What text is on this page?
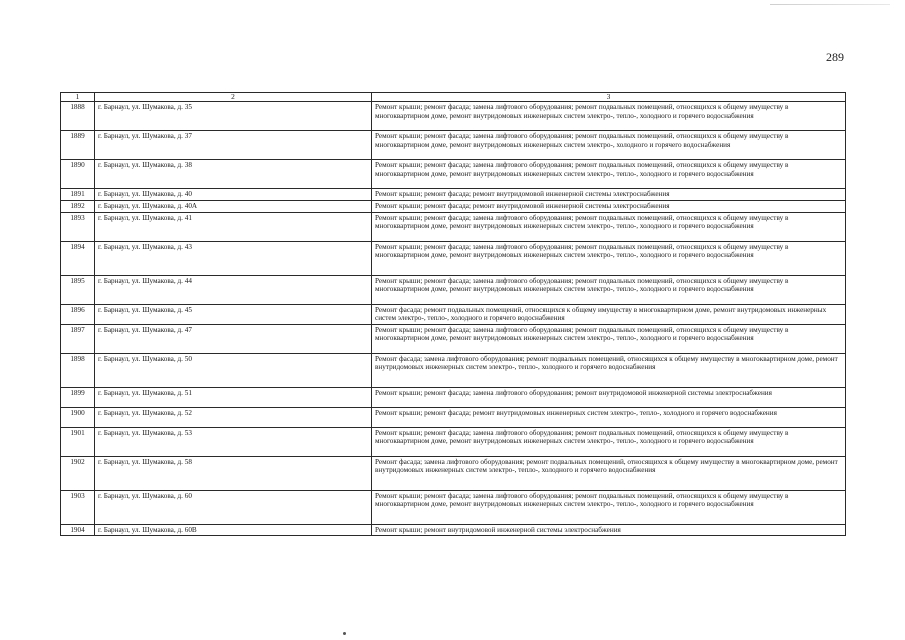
289
1	2	3
1888	г. Барнаул, ул. Шумакова, д. 35	Ремонт крыши; ремонт фасада; замена лифтового оборудования; ремонт подвальных помещений, относящихся к общему имуществу в многоквартирном доме, ремонт внутридомовых инженерных систем электро-, тепло-, холодного и горячего водоснабжения
1889	г. Барнаул, ул. Шумакова, д. 37	Ремонт крыши; ремонт фасада; замена лифтового оборудования; ремонт подвальных помещений, относящихся к общему имуществу в многоквартирном доме, ремонт внутридомовых инженерных систем электро-, холодного и горячего водоснабжения
1890	г. Барнаул, ул. Шумакова, д. 38	Ремонт крыши; ремонт фасада; замена лифтового оборудования; ремонт подвальных помещений, относящихся к общему имуществу в многоквартирном доме, ремонт внутридомовых инженерных систем электро-, тепло-, холодного и горячего водоснабжения
1891	г. Барнаул, ул. Шумакова, д. 40	Ремонт крыши; ремонт фасада; ремонт внутридомовой инженерной системы электроснабжения
1892	г. Барнаул, ул. Шумакова, д. 40А	Ремонт крыши; ремонт фасада; ремонт внутридомовой инженерной системы электроснабжения
1893	г. Барнаул, ул. Шумакова, д. 41	Ремонт крыши; ремонт фасада; замена лифтового оборудования; ремонт подвальных помещений, относящихся к общему имуществу в многоквартирном доме, ремонт внутридомовых инженерных систем электро-, тепло-, холодного и горячего водоснабжения
1894	г. Барнаул, ул. Шумакова, д. 43	Ремонт крыши; ремонт фасада; замена лифтового оборудования; ремонт подвальных помещений, относящихся к общему имуществу в многоквартирном доме, ремонт внутридомовых инженерных систем электро-, тепло-, холодного и горячего водоснабжения
1895	г. Барнаул, ул. Шумакова, д. 44	Ремонт крыши; ремонт фасада; замена лифтового оборудования; ремонт подвальных помещений, относящихся к общему имуществу в многоквартирном доме, ремонт внутридомовых инженерных систем электро-, тепло-, холодного и горячего водоснабжения
1896	г. Барнаул, ул. Шумакова, д. 45	Ремонт фасада; ремонт подвальных помещений, относящихся к общему имуществу в многоквартирном доме, ремонт внутридомовых инженерных систем электро-, тепло-, холодного и горячего водоснабжения
1897	г. Барнаул, ул. Шумакова, д. 47	Ремонт крыши; ремонт фасада; замена лифтового оборудования; ремонт подвальных помещений, относящихся к общему имуществу в многоквартирном доме, ремонт внутридомовых инженерных систем электро-, тепло-, холодного и горячего водоснабжения
1898	г. Барнаул, ул. Шумакова, д. 50	Ремонт фасада; замена лифтового оборудования; ремонт подвальных помещений, относящихся к общему имуществу в многоквартирном доме, ремонт внутридомовых инженерных систем электро-, тепло-, холодного и горячего водоснабжения
1899	г. Барнаул, ул. Шумакова, д. 51	Ремонт крыши; ремонт фасада; замена лифтового оборудования; ремонт внутридомовой инженерной системы электроснабжения
1900	г. Барнаул, ул. Шумакова, д. 52	Ремонт крыши; ремонт фасада; ремонт внутридомовых инженерных систем электро-, тепло-, холодного и горячего водоснабжения
1901	г. Барнаул, ул. Шумакова, д. 53	Ремонт крыши; ремонт фасада; замена лифтового оборудования; ремонт подвальных помещений, относящихся к общему имуществу в многоквартирном доме, ремонт внутридомовых инженерных систем электро-, тепло-, холодного и горячего водоснабжения
1902	г. Барнаул, ул. Шумакова, д. 58	Ремонт фасада; замена лифтового оборудования; ремонт подвальных помещений, относящихся к общему имуществу в многоквартирном доме, ремонт внутридомовых инженерных систем электро-, тепло-, холодного и горячего водоснабжения
1903	г. Барнаул, ул. Шумакова, д. 60	Ремонт крыши; ремонт фасада; замена лифтового оборудования; ремонт подвальных помещений, относящихся к общему имуществу в многоквартирном доме, ремонт внутридомовых инженерных систем электро-, тепло-, холодного и горячего водоснабжения
1904	г. Барнаул, ул. Шумакова, д. 60В	Ремонт крыши; ремонт внутридомовой инженерной системы электроснабжения
